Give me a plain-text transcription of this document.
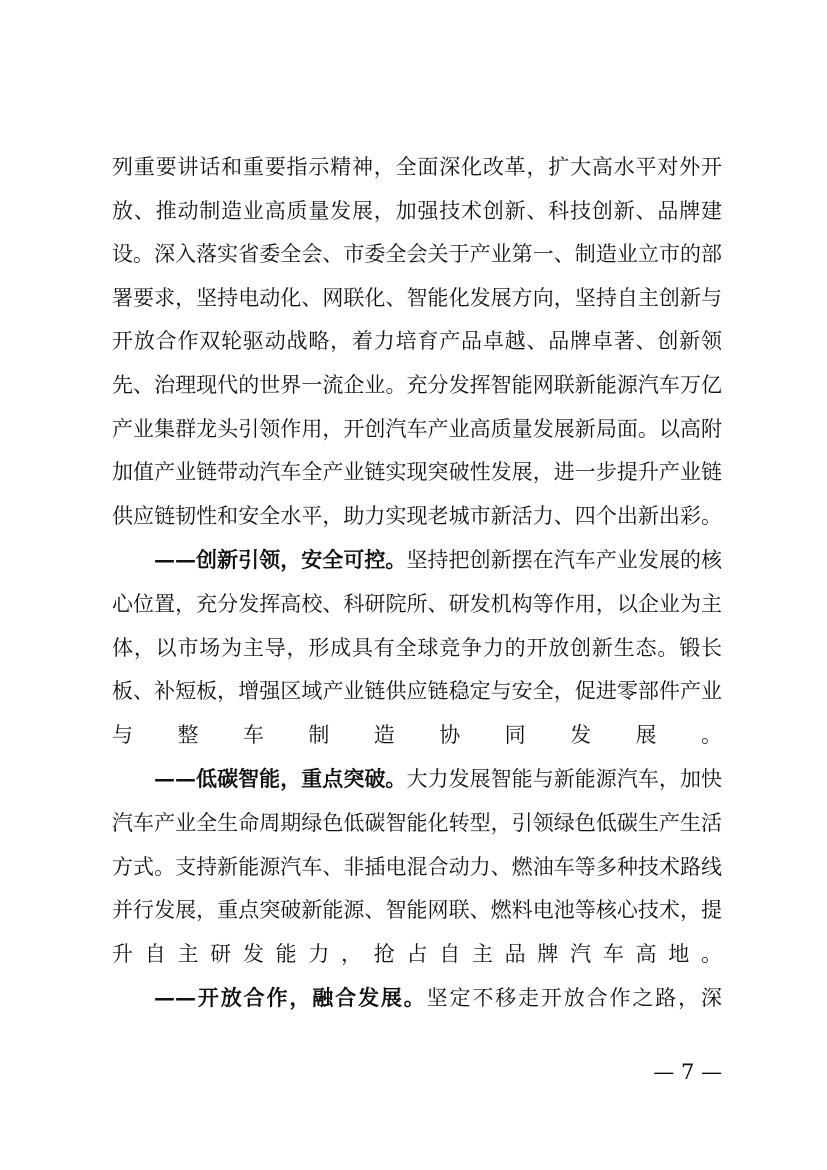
列重要讲话和重要指示精神，全面深化改革，扩大高水平对外开放、推动制造业高质量发展，加强技术创新、科技创新、品牌建设。深入落实省委全会、市委全会关于产业第一、制造业立市的部署要求，坚持电动化、网联化、智能化发展方向，坚持自主创新与开放合作双轮驱动战略，着力培育产品卓越、品牌卓著、创新领先、治理现代的世界一流企业。充分发挥智能网联新能源汽车万亿产业集群龙头引领作用，开创汽车产业高质量发展新局面。以高附加值产业链带动汽车全产业链实现突破性发展，进一步提升产业链供应链韧性和安全水平，助力实现老城市新活力、四个出新出彩。

——创新引领，安全可控。坚持把创新摆在汽车产业发展的核心位置，充分发挥高校、科研院所、研发机构等作用，以企业为主体，以市场为主导，形成具有全球竞争力的开放创新生态。锻长板、补短板，增强区域产业链供应链稳定与安全，促进零部件产业与整车制造协同发展。

——低碳智能，重点突破。大力发展智能与新能源汽车，加快汽车产业全生命周期绿色低碳智能化转型，引领绿色低碳生产生活方式。支持新能源汽车、非插电混合动力、燃油车等多种技术路线并行发展，重点突破新能源、智能网联、燃料电池等核心技术，提升自主研发能力，抢占自主品牌汽车高地。

——开放合作，融合发展。坚定不移走开放合作之路，深

— 7 —
